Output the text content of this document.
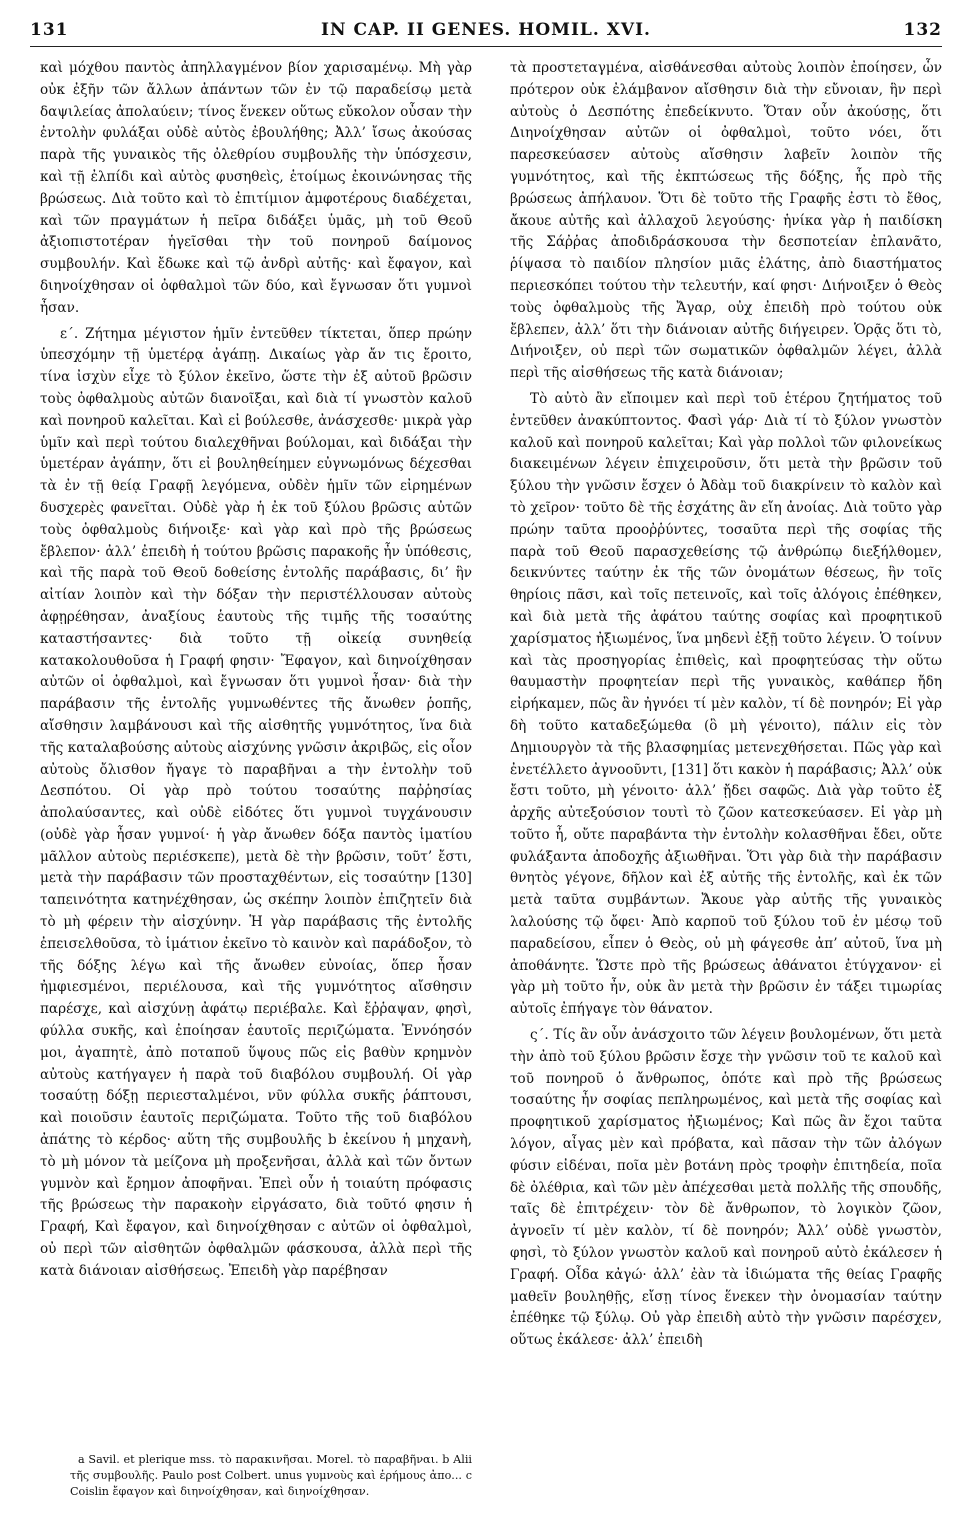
131	IN CAP. II GENES. HOMIL. XVI.	132

καὶ μόχθου παντὸς ἀπηλλαγμένον βίον χαρισαμένῳ. Μὴ γὰρ οὐκ ἐξῆν τῶν ἄλλων ἀπάντων τῶν ἐν τῷ παραδείσῳ μετὰ δαψιλείας ἀπολαύειν; τίνος ἕνεκεν οὕτως εὔκολον οὖσαν τὴν ἐντολὴν φυλάξαι οὐδὲ αὐτὸς ἐβουλήθης; Ἀλλ’ ἴσως ἀκούσας παρὰ τῆς γυναικὸς τῆς ὀλεθρίου συμβουλῆς τὴν ὑπόσχεσιν, καὶ τῇ ἐλπίδι καὶ αὐτὸς φυσηθεὶς, ἑτοίμως ἐκοινώνησας τῆς βρώσεως. Διὰ τοῦτο καὶ τὸ ἐπιτίμιον ἀμφοτέρους διαδέχεται, καὶ τῶν πραγμάτων ἡ πεῖρα διδάξει ὑμᾶς, μὴ τοῦ Θεοῦ ἀξιοπιστοτέραν ἡγεῖσθαι τὴν τοῦ πονηροῦ δαίμονος συμβουλήν. Καὶ ἔδωκε καὶ τῷ ἀνδρὶ αὐτῆς· καὶ ἔφαγον, καὶ διηνοίχθησαν οἱ ὀφθαλμοὶ τῶν δύο, καὶ ἔγνωσαν ὅτι γυμνοὶ ἦσαν.

ε΄. Ζήτημα μέγιστον ἡμῖν ἐντεῦθεν τίκτεται, ὅπερ πρώην ὑπεσχόμην τῇ ὑμετέρᾳ ἀγάπῃ. Δικαίως γὰρ ἄν τις ἔροιτο, τίνα ἰσχὺν εἶχε τὸ ξύλον ἐκεῖνο, ὥστε τὴν ἐξ αὐτοῦ βρῶσιν τοὺς ὀφθαλμοὺς αὐτῶν διανοῖξαι, καὶ διὰ τί γνωστὸν καλοῦ καὶ πονηροῦ καλεῖται. Καὶ εἰ βούλεσθε, ἀνάσχεσθε· μικρὰ γὰρ ὑμῖν καὶ περὶ τούτου διαλεχθῆναι βούλομαι, καὶ διδάξαι τὴν ὑμετέραν ἀγάπην, ὅτι εἰ βουληθείημεν εὐγνωμόνως δέχεσθαι τὰ ἐν τῇ θείᾳ Γραφῇ λεγόμενα, οὐδὲν ἡμῖν τῶν εἰρημένων δυσχερὲς φανεῖται. Οὐδὲ γὰρ ἡ ἐκ τοῦ ξύλου βρῶσις αὐτῶν τοὺς ὀφθαλμοὺς διήνοιξε· καὶ γὰρ καὶ πρὸ τῆς βρώσεως ἔβλεπον· ἀλλ’ ἐπειδὴ ἡ τούτου βρῶσις παρακοῆς ἦν ὑπόθεσις, καὶ τῆς παρὰ τοῦ Θεοῦ δοθείσης ἐντολῆς παράβασις, δι’ ἣν αἰτίαν λοιπὸν καὶ τὴν δόξαν τὴν περιστέλλουσαν αὐτοὺς ἀφῃρέθησαν, ἀναξίους ἑαυτοὺς τῆς τιμῆς τῆς τοσαύτης καταστήσαντες· διὰ τοῦτο τῇ οἰκείᾳ συνηθείᾳ κατακολουθοῦσα ἡ Γραφή φησιν· Ἔφαγον, καὶ διηνοίχθησαν αὐτῶν οἱ ὀφθαλμοὶ, καὶ ἔγνωσαν ὅτι γυμνοὶ ἦσαν· διὰ τὴν παράβασιν τῆς ἐντολῆς γυμνωθέντες τῆς ἄνωθεν ῥοπῆς, αἴσθησιν λαμβάνουσι καὶ τῆς αἰσθητῆς γυμνότητος, ἵνα διὰ τῆς καταλαβούσης αὐτοὺς αἰσχύνης γνῶσιν ἀκριβῶς, εἰς οἷον αὐτοὺς ὄλισθον ἤγαγε τὸ παραβῆναι a τὴν ἐντολὴν τοῦ Δεσπότου. Οἱ γὰρ πρὸ τούτου τοσαύτης παῤῥησίας ἀπολαύσαντες, καὶ οὐδὲ εἰδότες ὅτι γυμνοὶ τυγχάνουσιν (οὐδὲ γὰρ ἦσαν γυμνοί· ἡ γὰρ ἄνωθεν δόξα παντὸς ἱματίου μᾶλλον αὐτοὺς περιέσκεπε), μετὰ δὲ τὴν βρῶσιν, τοῦτ’ ἔστι, μετὰ τὴν παράβασιν τῶν προσταχθέντων, εἰς τοσαύτην [130] ταπεινότητα κατηνέχθησαν, ὡς σκέπην λοιπὸν ἐπιζητεῖν διὰ τὸ μὴ φέρειν τὴν αἰσχύνην. Ἡ γὰρ παράβασις τῆς ἐντολῆς ἐπεισελθοῦσα, τὸ ἱμάτιον ἐκεῖνο τὸ καινὸν καὶ παράδοξον, τὸ τῆς δόξης λέγω καὶ τῆς ἄνωθεν εὐνοίας, ὅπερ ἦσαν ἠμφιεσμένοι, περιέλουσα, καὶ τῆς γυμνότητος αἴσθησιν παρέσχε, καὶ αἰσχύνῃ ἀφάτῳ περιέβαλε. Καὶ ἔῤῥαψαν, φησὶ, φύλλα συκῆς, καὶ ἐποίησαν ἑαυτοῖς περιζώματα. Ἐννόησόν μοι, ἀγαπητὲ, ἀπὸ ποταποῦ ὕψους πῶς εἰς βαθὺν κρημνὸν αὐτοὺς κατήγαγεν ἡ παρὰ τοῦ διαβόλου συμβουλή. Οἱ γὰρ τοσαύτῃ δόξῃ περιεσταλμένοι, νῦν φύλλα συκῆς ῥάπτουσι, καὶ ποιοῦσιν ἑαυτοῖς περιζώματα. Τοῦτο τῆς τοῦ διαβόλου ἀπάτης τὸ κέρδος· αὕτη τῆς συμβουλῆς b ἐκείνου ἡ μηχανὴ, τὸ μὴ μόνον τὰ μείζονα μὴ προξενῆσαι, ἀλλὰ καὶ τῶν ὄντων γυμνὸν καὶ ἔρημον ἀποφῆναι. Ἐπεὶ οὖν ἡ τοιαύτη πρόφασις τῆς βρώσεως τὴν παρακοὴν εἰργάσατο, διὰ τοῦτό φησιν ἡ Γραφή, Καὶ ἔφαγον, καὶ διηνοίχθησαν c αὐτῶν οἱ ὀφθαλμοὶ, οὐ περὶ τῶν αἰσθητῶν ὀφθαλμῶν φάσκουσα, ἀλλὰ περὶ τῆς κατὰ διάνοιαν αἰσθήσεως. Ἐπειδὴ γὰρ παρέβησαν

τὰ προστεταγμένα, αἰσθάνεσθαι αὐτοὺς λοιπὸν ἐποίησεν, ὧν πρότερον οὐκ ἐλάμβανον αἴσθησιν διὰ τὴν εὔνοιαν, ἣν περὶ αὐτοὺς ὁ Δεσπότης ἐπεδείκνυτο. Ὅταν οὖν ἀκούσῃς, ὅτι Διηνοίχθησαν αὐτῶν οἱ ὀφθαλμοὶ, τοῦτο νόει, ὅτι παρεσκεύασεν αὐτοὺς αἴσθησιν λαβεῖν λοιπὸν τῆς γυμνότητος, καὶ τῆς ἐκπτώσεως τῆς δόξης, ἧς πρὸ τῆς βρώσεως ἀπήλαυον. Ὅτι δὲ τοῦτο τῆς Γραφῆς ἐστι τὸ ἔθος, ἄκουε αὐτῆς καὶ ἀλλαχοῦ λεγούσης· ἡνίκα γὰρ ἡ παιδίσκη τῆς Σάῤῥας ἀποδιδράσκουσα τὴν δεσποτείαν ἐπλανᾶτο, ῥίψασα τὸ παιδίον πλησίον μιᾶς ἐλάτης, ἀπὸ διαστήματος περιεσκόπει τούτου τὴν τελευτήν, καί φησι· Διήνοιξεν ὁ Θεὸς τοὺς ὀφθαλμοὺς τῆς Ἄγαρ, οὐχ ἐπειδὴ πρὸ τούτου οὐκ ἔβλεπεν, ἀλλ’ ὅτι τὴν διάνοιαν αὐτῆς διήγειρεν. Ὁρᾷς ὅτι τὸ, Διήνοιξεν, οὐ περὶ τῶν σωματικῶν ὀφθαλμῶν λέγει, ἀλλὰ περὶ τῆς αἰσθήσεως τῆς κατὰ διάνοιαν;

Τὸ αὐτὸ ἂν εἴποιμεν καὶ περὶ τοῦ ἑτέρου ζητήματος τοῦ ἐντεῦθεν ἀνακύπτοντος. Φασὶ γάρ· Διὰ τί τὸ ξύλον γνωστὸν καλοῦ καὶ πονηροῦ καλεῖται; Καὶ γὰρ πολλοὶ τῶν φιλονείκως διακειμένων λέγειν ἐπιχειροῦσιν, ὅτι μετὰ τὴν βρῶσιν τοῦ ξύλου τὴν γνῶσιν ἔσχεν ὁ Ἀδὰμ τοῦ διακρίνειν τὸ καλὸν καὶ τὸ χεῖρον· τοῦτο δὲ τῆς ἐσχάτης ἂν εἴη ἀνοίας. Διὰ τοῦτο γὰρ πρώην ταῦτα προοῤῥύντες, τοσαῦτα περὶ τῆς σοφίας τῆς παρὰ τοῦ Θεοῦ παρασχεθείσης τῷ ἀνθρώπῳ διεξήλθομεν, δεικνύντες ταύτην ἐκ τῆς τῶν ὀνομάτων θέσεως, ἣν τοῖς θηρίοις πᾶσι, καὶ τοῖς πετεινοῖς, καὶ τοῖς ἀλόγοις ἐπέθηκεν, καὶ διὰ μετὰ τῆς ἀφάτου ταύτης σοφίας καὶ προφητικοῦ χαρίσματος ἠξιωμένος, ἵνα μηδενὶ ἐξῇ τοῦτο λέγειν. Ὁ τοίνυν καὶ τὰς προσηγορίας ἐπιθεὶς, καὶ προφητεύσας τὴν οὕτω θαυμαστὴν προφητείαν περὶ τῆς γυναικὸς, καθάπερ ἤδη εἰρήκαμεν, πῶς ἂν ἠγνόει τί μὲν καλὸν, τί δὲ πονηρόν; Εἰ γὰρ δὴ τοῦτο καταδεξώμεθα (ὃ μὴ γένοιτο), πάλιν εἰς τὸν Δημιουργὸν τὰ τῆς βλασφημίας μετενεχθήσεται. Πῶς γὰρ καὶ ἐνετέλλετο ἀγνοοῦντι, [131] ὅτι κακὸν ἡ παράβασις; Ἀλλ’ οὐκ ἔστι τοῦτο, μὴ γένοιτο· ἀλλ’ ᾔδει σαφῶς. Διὰ γὰρ τοῦτο ἐξ ἀρχῆς αὐτεξούσιον τουτὶ τὸ ζῶον κατεσκεύασεν. Εἰ γὰρ μὴ τοῦτο ἦ, οὔτε παραβάντα τὴν ἐντολὴν κολασθῆναι ἔδει, οὔτε φυλάξαντα ἀποδοχῆς ἀξιωθῆναι. Ὅτι γὰρ διὰ τὴν παράβασιν θνητὸς γέγονε, δῆλον καὶ ἐξ αὐτῆς τῆς ἐντολῆς, καὶ ἐκ τῶν μετὰ ταῦτα συμβάντων. Ἄκουε γὰρ αὐτῆς τῆς γυναικὸς λαλούσης τῷ ὄφει· Ἀπὸ καρποῦ τοῦ ξύλου τοῦ ἐν μέσῳ τοῦ παραδείσου, εἶπεν ὁ Θεὸς, οὐ μὴ φάγεσθε ἀπ’ αὐτοῦ, ἵνα μὴ ἀποθάνητε. Ὥστε πρὸ τῆς βρώσεως ἀθάνατοι ἐτύγχανον· εἰ γὰρ μὴ τοῦτο ἦν, οὐκ ἂν μετὰ τὴν βρῶσιν ἐν τάξει τιμωρίας αὐτοῖς ἐπήγαγε τὸν θάνατον.

ς΄. Τίς ἂν οὖν ἀνάσχοιτο τῶν λέγειν βουλομένων, ὅτι μετὰ τὴν ἀπὸ τοῦ ξύλου βρῶσιν ἔσχε τὴν γνῶσιν τοῦ τε καλοῦ καὶ τοῦ πονηροῦ ὁ ἄνθρωπος, ὁπότε καὶ πρὸ τῆς βρώσεως τοσαύτης ἦν σοφίας πεπληρωμένος, καὶ μετὰ τῆς σοφίας καὶ προφητικοῦ χαρίσματος ἠξιωμένος; Καὶ πῶς ἂν ἔχοι ταῦτα λόγον, αἶγας μὲν καὶ πρόβατα, καὶ πᾶσαν τὴν τῶν ἀλόγων φύσιν εἰδέναι, ποῖα μὲν βοτάνη πρὸς τροφὴν ἐπιτηδεία, ποῖα δὲ ὀλέθρια, καὶ τῶν μὲν ἀπέχεσθαι μετὰ πολλῆς τῆς σπουδῆς, ταῖς δὲ ἐπιτρέχειν· τὸν δὲ ἄνθρωπον, τὸ λογικὸν ζῶον, ἀγνοεῖν τί μὲν καλὸν, τί δὲ πονηρόν; Ἀλλ’ οὐδὲ γνωστὸν, φησὶ, τὸ ξύλον γνωστὸν καλοῦ καὶ πονηροῦ αὐτὸ ἐκάλεσεν ἡ Γραφή. Οἶδα κἀγώ· ἀλλ’ ἐὰν τὰ ἰδιώματα τῆς θείας Γραφῆς μαθεῖν βουληθῇς, εἴσῃ τίνος ἕνεκεν τὴν ὀνομασίαν ταύτην ἐπέθηκε τῷ ξύλῳ. Οὐ γὰρ ἐπειδὴ αὐτὸ τὴν γνῶσιν παρέσχεν, οὕτως ἐκάλεσε· ἀλλ’ ἐπειδὴ

a Savil. et plerique mss. τὸ παρακινῆσαι. Morel. τὸ παραβῆναι. b Alii τῆς συμβουλῆς. Paulo post Colbert. unus γυμνοὺς καὶ ἐρήμους ἀπο... c Coislin ἔφαγον καὶ διηνοίχθησαν, καὶ διηνοίχθησαν.
